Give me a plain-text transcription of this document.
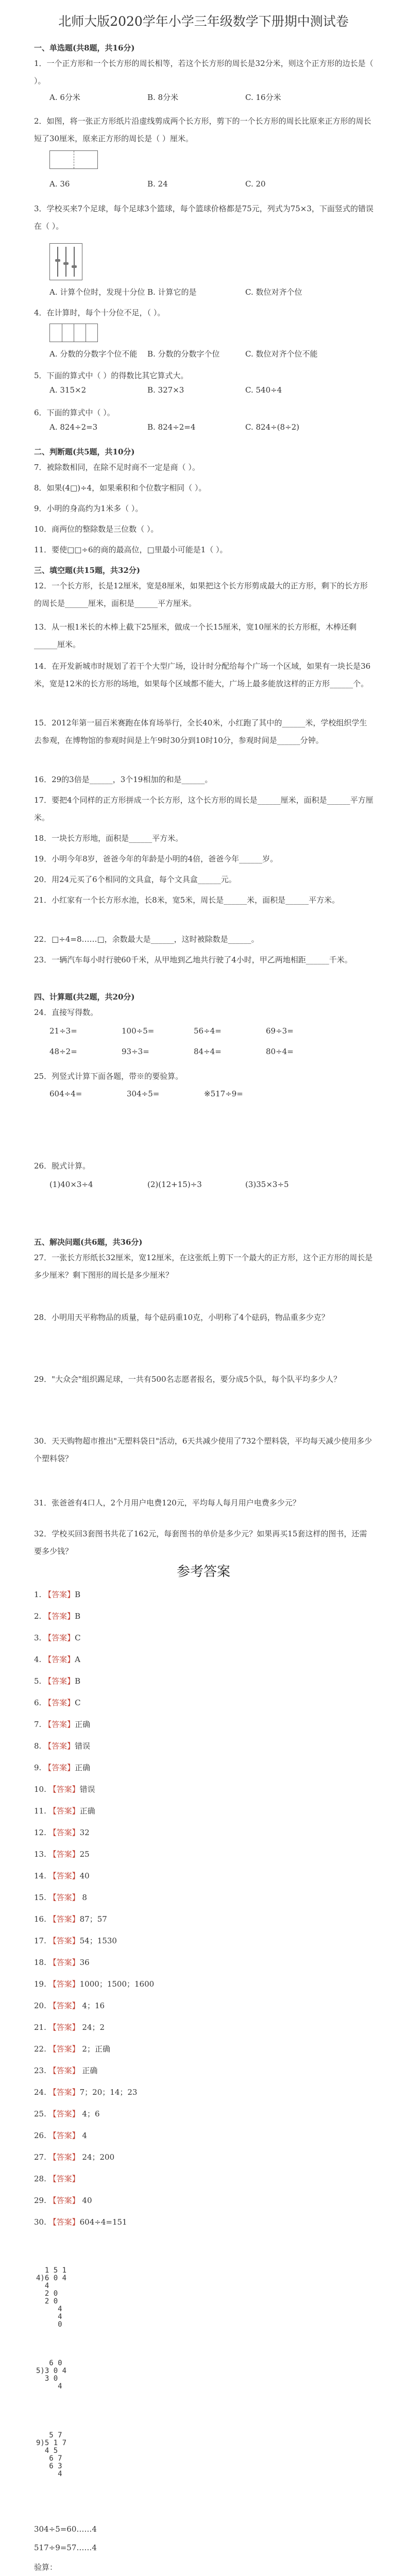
北师大版2020学年小学三年级数学下册期中测试卷
一、单选题(共8题，共16分)
1．一个正方形和一个长方形的周长相等，若这个长方形的周长是32分米，则这个正方形的边长是（ ）。
A. 6分米	B. 8分米	C. 16分米
2．如图，将一张正方形纸片沿虚线剪成两个长方形，剪下的一个长方形的周长比原来正方形的周长短了30厘米，原来正方形的周长是（ ）厘米。
A. 36	B. 24	C. 20
3．学校买来7个足球，每个足球3个篮球，每个篮球价格都是75元，列式为75×3，下面竖式的错误在（ ）。
A. 计算个位时，发现十分位 B. 计算它的是	C. 数位对齐个位
4．在计算时，每个十分位不足，（ ）。
A. 分数的分数字个位不能	B. 分数的分数字个位	C. 数位对齐个位不能
5．下面的算式中（ ）的得数比其它算式大。
A. 315×2	B. 327×3	C. 540÷4
6．下面的算式中（ ）。
A. 824÷2=3	B. 824÷2=4	C. 824÷(8÷2)
二、判断题(共5题，共10分)
7．被除数相同，在除不足时商不一定是商（ ）。
8．如果(4□)÷4，如果乘积和个位数字相同（ ）。
9．小明的身高约为1米多（ ）。
10．商两位的整除数是三位数（ ）。
11．要使□□÷6的商的最高位，□里最小可能是1（ ）。
三、填空题(共15题，共32分)
12．一个长方形，长是12厘米，宽是8厘米，如果把这个长方形剪成最大的正方形，剩下的长方形的周长是______厘米，面积是______平方厘米。
13．从一根1米长的木棒上截下25厘米，做成一个长15厘米，宽10厘米的长方形框，木棒还剩______厘米。
14．在开发新城市时规划了若干个大型广场，设计时分配给每个广场一个区域，如果有一块长是36米，宽是12米的长方形的场地，如果每个区域都不能大，广场上最多能放这样的正方形______个。
15．2012年第一届百米赛跑在体育场举行，全长40米，小红跑了其中的______米，学校组织学生去参观，在博物馆的参观时间是上午9时30分到10时10分，参观时间是______分钟。
16．29的3倍是______，3个19相加的和是______。
17．要把4个同样的正方形拼成一个长方形，这个长方形的周长是______厘米，面积是______平方厘米。
18．一块长方形地，面积是______平方米。
19．小明今年8岁，爸爸今年的年龄是小明的4倍，爸爸今年______岁。
20．用24元买了6个相同的文具盒，每个文具盒______元。
21．小红家有一个长方形水池，长8米，宽5米，周长是______米，面积是______平方米。
22．□÷4=8……□，余数最大是______，这时被除数是______。
23．一辆汽车每小时行驶60千米，从甲地到乙地共行驶了4小时，甲乙两地相距______千米。
四、计算题(共2题，共20分)
24．直接写得数。
21÷3=	100÷5=	56÷4=	69÷3=
48÷2=	93÷3=	84÷4=	80÷4=
25．列竖式计算下面各题，带※的要验算。
604÷4=	304÷5=	※517÷9=
26．脱式计算。
(1)40×3÷4	(2)(12+15)÷3	(3)35×3÷5
五、解决问题(共6题，共36分)
27．一张长方形纸长32厘米，宽12厘米，在这张纸上剪下一个最大的正方形，这个正方形的周长是多少厘米？剩下图形的周长是多少厘米？
28．小明用天平称物品的质量，每个砝码重10克，小明称了4个砝码，物品重多少克？
29．"大众会"组织踢足球，一共有500名志愿者报名，要分成5个队，每个队平均多少人？
30．天天购物超市推出"无塑料袋日"活动，6天共减少使用了732个塑料袋，平均每天减少使用多少个塑料袋？
31．张爸爸有4口人，2个月用户电费120元，平均每人每月用户电费多少元？
32．学校买回3套图书共花了162元，每套图书的单价是多少元？如果再买15套这样的图书，还需要多少钱？
参考答案
1 5 1
4)6 0 4
4
2 0
2 0
4
4
0
6 0
5)3 0 4
3 0
4
5 7
9)5 1 7
4 5
6 7
6 3
4
1. 【答案】B
2. 【答案】B
3. 【答案】C
4. 【答案】A
5. 【答案】B
6. 【答案】C
7. 【答案】正确
8. 【答案】错误
9. 【答案】正确
10. 【答案】错误
11. 【答案】正确
12. 【答案】32
13. 【答案】25
14. 【答案】40
15. 【答案】 8
16. 【答案】87；57
17. 【答案】54；1530
18. 【答案】36
19. 【答案】1000；1500；1600
20. 【答案】 4；16
21. 【答案】 24；2
22. 【答案】 2；正确
23. 【答案】 正确
24. 【答案】7；20；14；23
25. 【答案】 4；6
26. 【答案】 4
27. 【答案】 24；200
28. 【答案】
29. 【答案】 40
30. 【答案】604÷4=151
304÷5=60……4
517÷9=57……4
验算：
